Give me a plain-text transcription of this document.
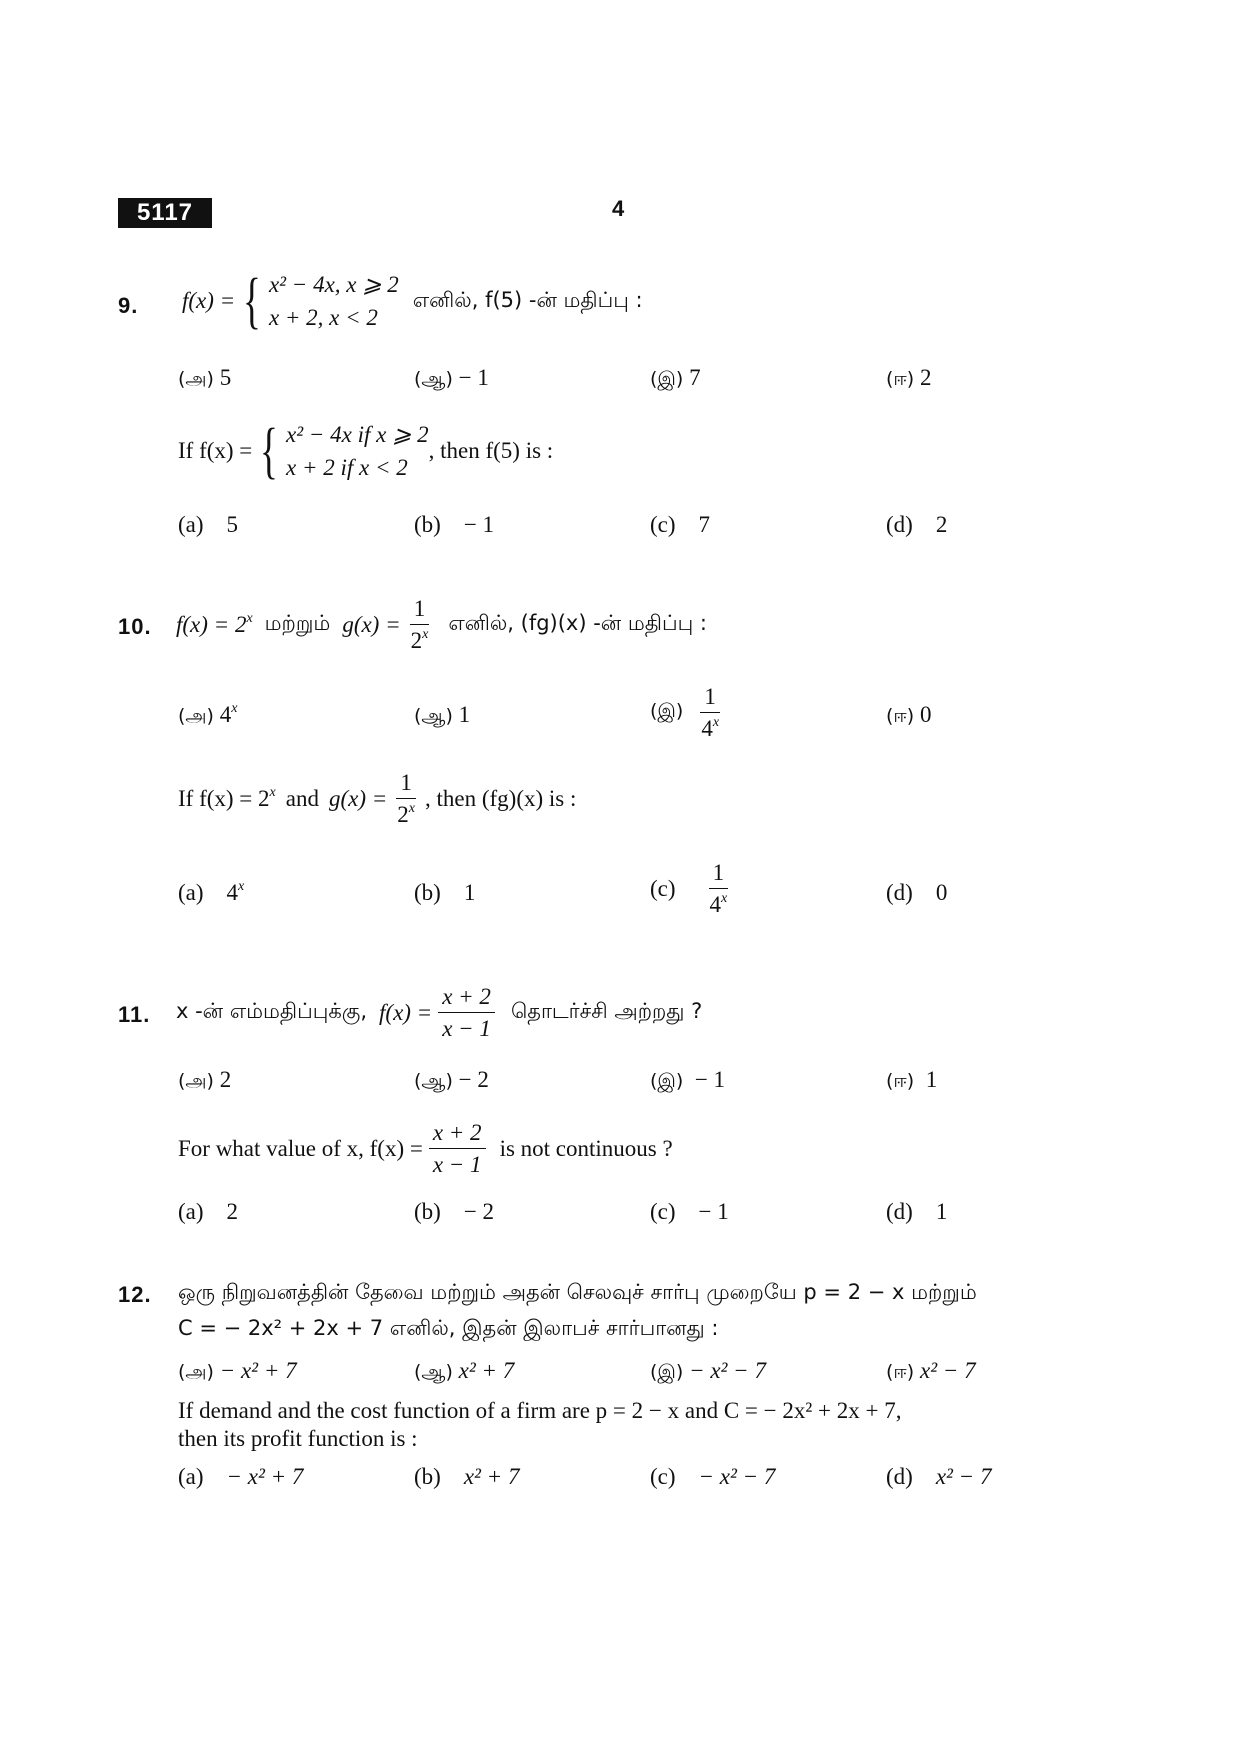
5117	4
9. f(x) = { x² − 4x, x ⩾ 2
x + 2, x < 2
எனில், f(5) -ன் மதிப்பு :
(அ) 5	(ஆ) − 1	(இ) 7	(ஈ) 2
If f(x) = { x² − 4x if x ⩾ 2
x + 2 if x < 2
, then f(5) is :
(a) 5	(b) − 1	(c) 7	(d) 2
10. $f(x) = 2^x$ மற்றும் $g(x) = \frac{1}{2^x}$ எனில், (fg)(x) -ன் மதிப்பு :
(அ) 4$^x$	(ஆ) 1	(இ) $\frac{1}{4^x}$	(ஈ) 0
If $f(x) = 2^x$ and $g(x) = \frac{1}{2^x}$ , then (fg)(x) is :
(a) 4$^x$	(b) 1	$(c) \frac{1}{4^x}$	(d) 0
11. x -ன் எம்மதிப்புக்கு, $f(x) = \frac{x + 2}{x - 1}$ தொடர்ச்சி அற்றது ?
(அ) 2	(ஆ) − 2	(இ) − 1	(ஈ) 1
For what value of x, $f(x) = \frac{x + 2}{x - 1}$ is not continuous ?
(a) 2	(b) − 2	(c) − 1	(d) 1
12. ஒரு நிறுவனத்தின் தேவை மற்றும் அதன் செலவுச் சார்பு முறையே p = 2 − x மற்றும்
C = − 2x² + 2x + 7 எனில், இதன் இலாபச் சார்பானது :
(அ) − x² + 7	(ஆ) x² + 7	(இ) − x² − 7	(ஈ) x² − 7
If demand and the cost function of a firm are p = 2 − x and C = − 2x² + 2x + 7,
then its profit function is :
(a) − x² + 7	(b) x² + 7	(c) − x² − 7	(d) x² − 7
